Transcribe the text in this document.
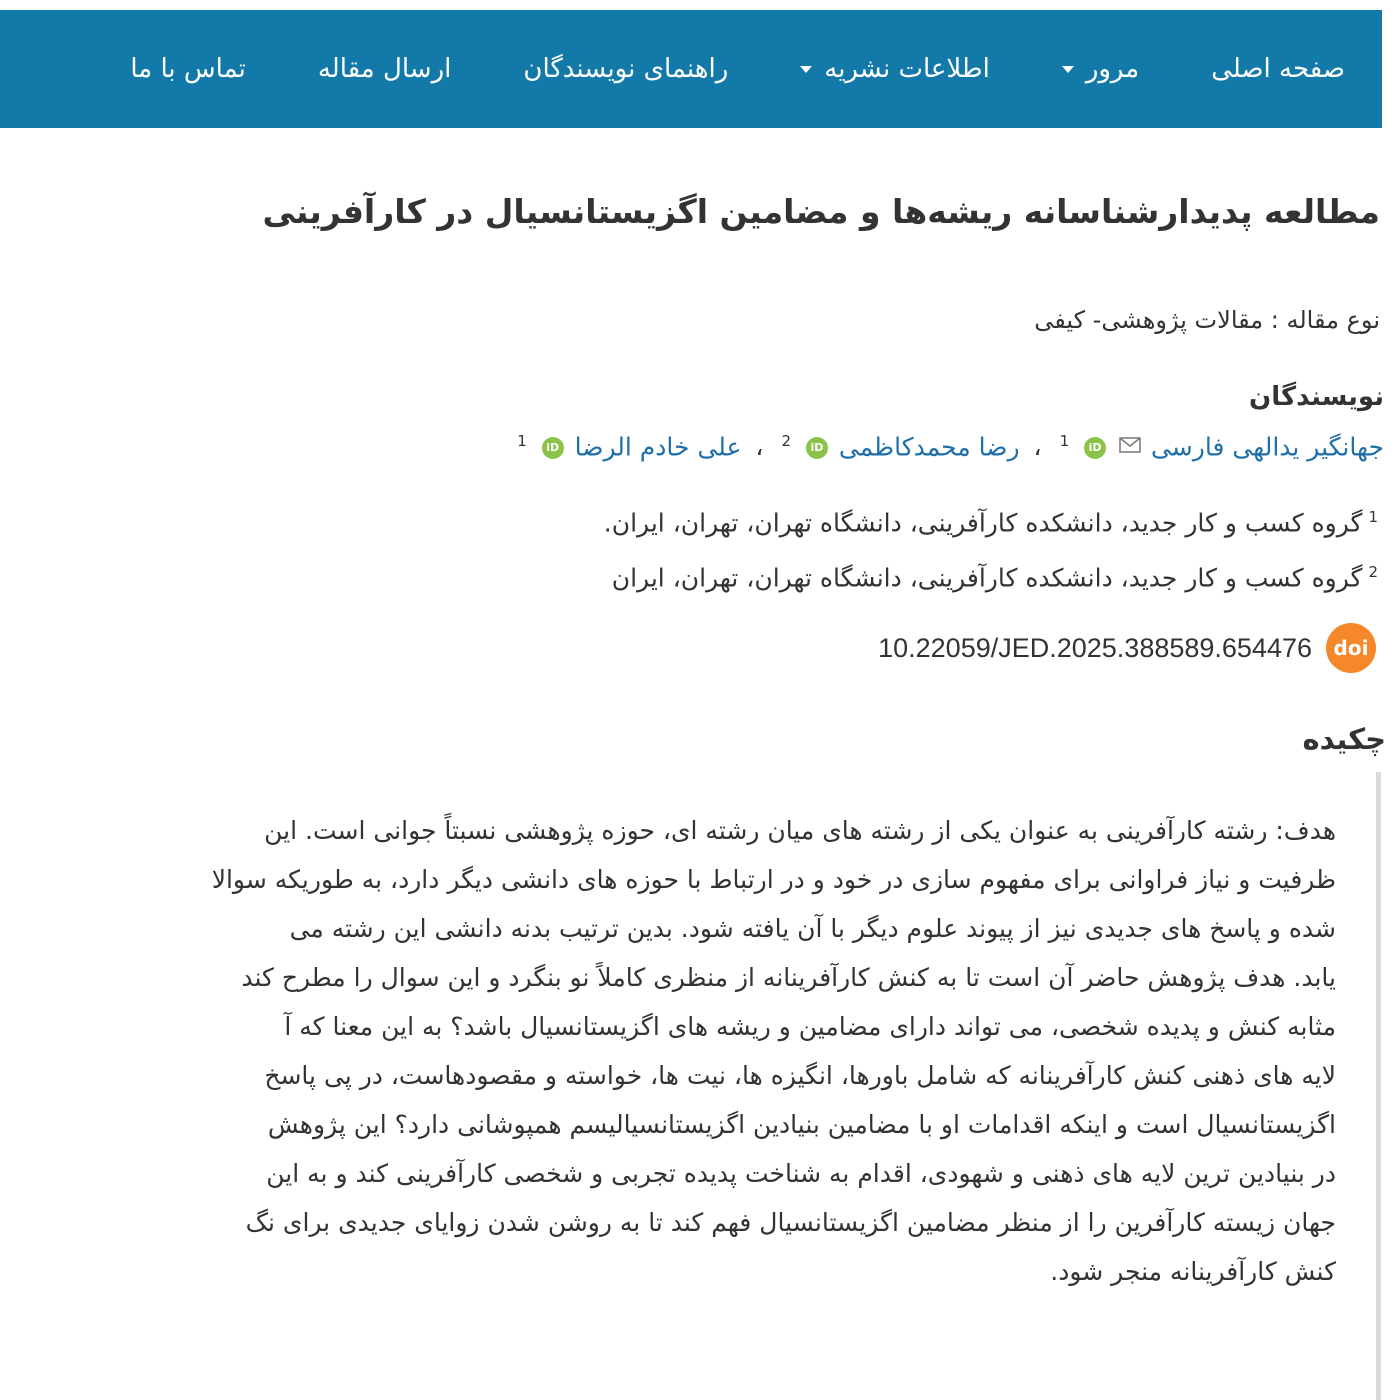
صفحه اصلی
مرور
اطلاعات نشریه
راهنمای نویسندگان
ارسال مقاله
تماس با ما
مطالعه پدیدارشناسانه ریشه‌ها و مضامین اگزیستانسیال در کارآفرینی
نوع مقاله : مقالات پژوهشی- کیفی
نویسندگان
جهانگیر یدالهی فارسی  iD $^1$ ، رضا محمدکاظمی iD $^2$ ، علی خادم الرضا iD $^1$
$^1$گروه کسب و کار جدید، دانشکده کارآفرینی، دانشگاه تهران، تهران، ایران.
$^2$گروه کسب و کار جدید، دانشکده کارآفرینی، دانشگاه تهران، تهران، ایران
doi
10.22059/JED.2025.388589.654476
چکیده
هدف: رشته کارآفرینی به عنوان یکی از رشته های میان رشته ای، حوزه پژوهشی نسبتاً جوانی است. این
ظرفیت و نیاز فراوانی برای مفهوم سازی در خود و در ارتباط با حوزه های دانشی دیگر دارد، به طوریکه سوالا
شده و پاسخ های جدیدی نیز از پیوند علوم دیگر با آن یافته شود. بدین ترتیب بدنه دانشی این رشته می
یابد. هدف پژوهش حاضر آن است تا به کنش کارآفرینانه از منظری کاملاً نو بنگرد و این سوال را مطرح کند
مثابه کنش و پدیده شخصی، می تواند دارای مضامین و ریشه های اگزیستانسیال باشد؟ به این معنا که آ
لایه های ذهنی کنش کارآفرینانه که شامل باورها، انگیزه ها، نیت ها، خواسته و مقصودهاست، در پی پاسخ
اگزیستانسیال است و اینکه اقدامات او با مضامین بنیادین اگزیستانسیالیسم همپوشانی دارد؟ این پژوهش
در بنیادین ترین لایه های ذهنی و شهودی، اقدام به شناخت پدیده تجربی و شخصی کارآفرینی کند و به این
جهان زیسته کارآفرین را از منظر مضامین اگزیستانسیال فهم کند تا به روشن شدن زوایای جدیدی برای نگ
کنش کارآفرینانه منجر شود.
